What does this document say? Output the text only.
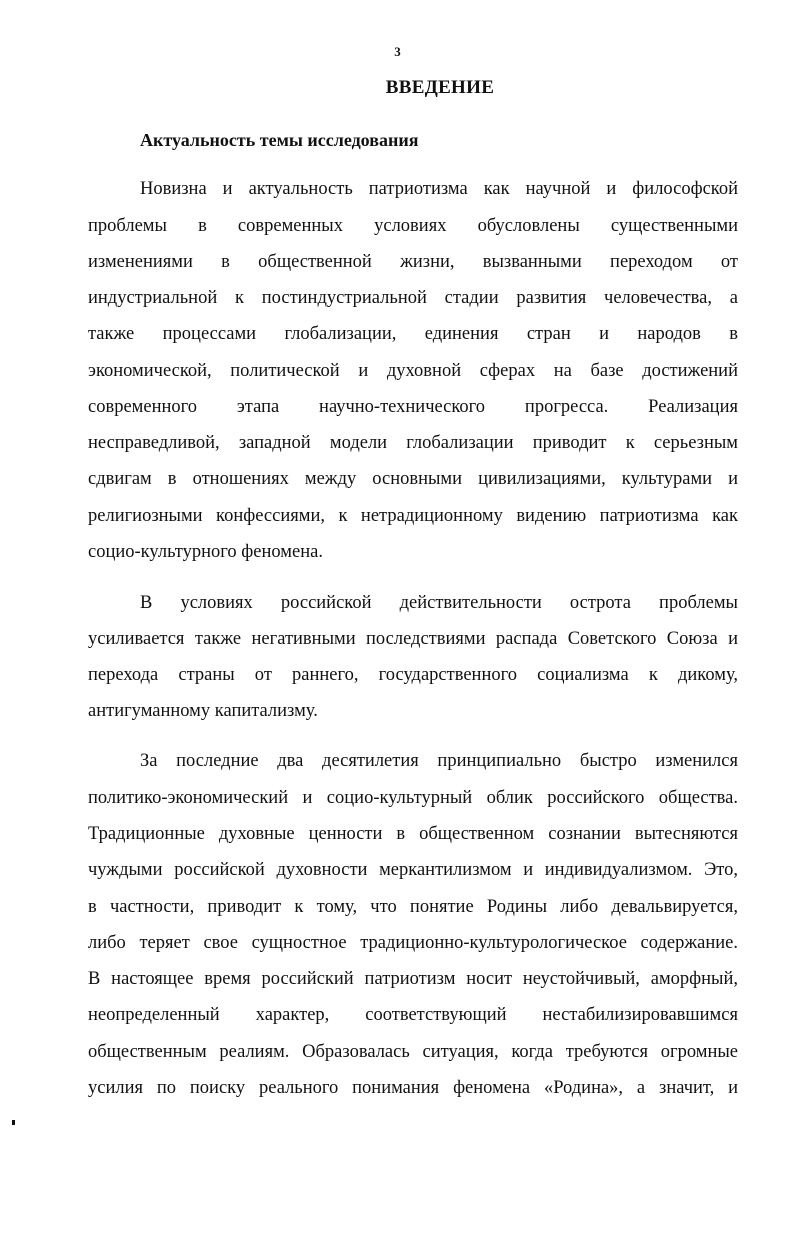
3
ВВЕДЕНИЕ
Актуальность темы исследования
Новизна и актуальность патриотизма как научной и философской
проблемы в современных условиях обусловлены существенными
изменениями в общественной жизни, вызванными переходом от
индустриальной к постиндустриальной стадии развития человечества, а
также процессами глобализации, единения стран и народов в
экономической, политической и духовной сферах на базе достижений
современного этапа научно-технического прогресса. Реализация
несправедливой, западной модели глобализации приводит к серьезным
сдвигам в отношениях между основными цивилизациями, культурами и
религиозными конфессиями, к нетрадиционному видению патриотизма как
социо-культурного феномена.
В условиях российской действительности острота проблемы
усиливается также негативными последствиями распада Советского Союза и
перехода страны от раннего, государственного социализма к дикому,
антигуманному капитализму.
За последние два десятилетия принципиально быстро изменился
политико-экономический и социо-культурный облик российского общества.
Традиционные духовные ценности в общественном сознании вытесняются
чуждыми российской духовности меркантилизмом и индивидуализмом. Это,
в частности, приводит к тому, что понятие Родины либо девальвируется,
либо теряет свое сущностное традиционно-культурологическое содержание.
В настоящее время российский патриотизм носит неустойчивый, аморфный,
неопределенный характер, соответствующий нестабилизировавшимся
общественным реалиям. Образовалась ситуация, когда требуются огромные
усилия по поиску реального понимания феномена «Родина», а значит, и
